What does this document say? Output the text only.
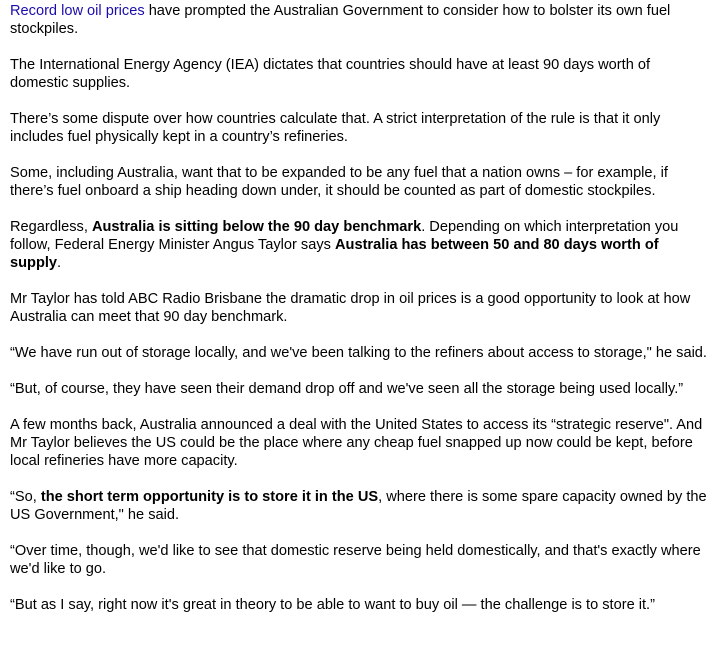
Record low oil prices have prompted the Australian Government to consider how to bolster its own fuel stockpiles.

The International Energy Agency (IEA) dictates that countries should have at least 90 days worth of domestic supplies.

There’s some dispute over how countries calculate that. A strict interpretation of the rule is that it only includes fuel physically kept in a country’s refineries.

Some, including Australia, want that to be expanded to be any fuel that a nation owns – for example, if there’s fuel onboard a ship heading down under, it should be counted as part of domestic stockpiles.

Regardless, Australia is sitting below the 90 day benchmark. Depending on which interpretation you follow, Federal Energy Minister Angus Taylor says Australia has between 50 and 80 days worth of supply.

Mr Taylor has told ABC Radio Brisbane the dramatic drop in oil prices is a good opportunity to look at how Australia can meet that 90 day benchmark.

“We have run out of storage locally, and we've been talking to the refiners about access to storage," he said.

“But, of course, they have seen their demand drop off and we've seen all the storage being used locally.”

A few months back, Australia announced a deal with the United States to access its “strategic reserve". And Mr Taylor believes the US could be the place where any cheap fuel snapped up now could be kept, before local refineries have more capacity.

“So, the short term opportunity is to store it in the US, where there is some spare capacity owned by the US Government," he said.

“Over time, though, we'd like to see that domestic reserve being held domestically, and that's exactly where we'd like to go.

“But as I say, right now it's great in theory to be able to want to buy oil — the challenge is to store it.”
